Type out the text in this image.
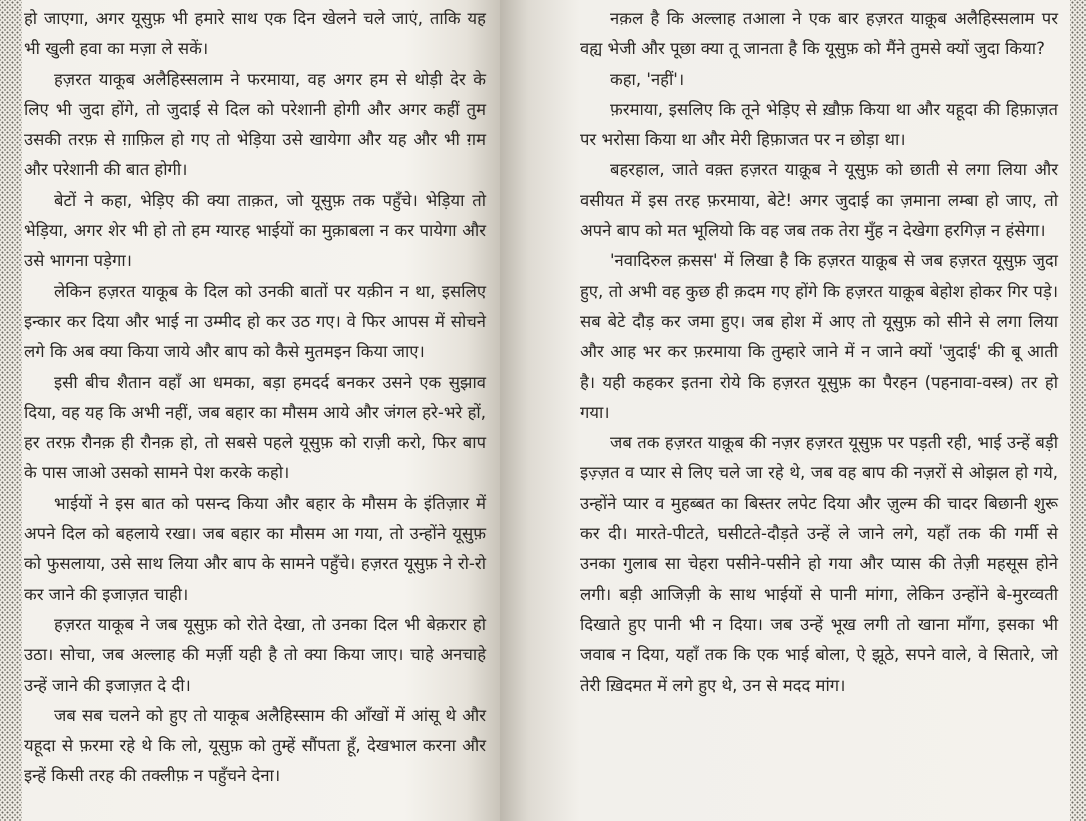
हो जाएगा, अगर यूसुफ़ भी हमारे साथ एक दिन खेलने चले जाएं, ताकि यह भी खुली हवा का मज़ा ले सकें।

हज़रत याकूब अलैहिस्सलाम ने फरमाया, वह अगर हम से थोड़ी देर के लिए भी जुदा होंगे, तो जुदाई से दिल को परेशानी होगी और अगर कहीं तुम उसकी तरफ़ से ग़ाफ़िल हो गए तो भेड़िया उसे खायेगा और यह और भी ग़म और परेशानी की बात होगी।

बेटों ने कहा, भेड़िए की क्या ताक़त, जो यूसुफ़ तक पहुँचे। भेड़िया तो भेड़िया, अगर शेर भी हो तो हम ग्यारह भाईयों का मुक़ाबला न कर पायेगा और उसे भागना पड़ेगा।

लेकिन हज़रत याकूब के दिल को उनकी बातों पर यक़ीन न था, इसलिए इन्कार कर दिया और भाई ना उम्मीद हो कर उठ गए। वे फिर आपस में सोचने लगे कि अब क्या किया जाये और बाप को कैसे मुतमइन किया जाए।

इसी बीच शैतान वहाँ आ धमका, बड़ा हमदर्द बनकर उसने एक सुझाव दिया, वह यह कि अभी नहीं, जब बहार का मौसम आये और जंगल हरे-भरे हों, हर तरफ़ रौनक़ ही रौनक़ हो, तो सबसे पहले यूसुफ़ को राज़ी करो, फिर बाप के पास जाओ उसको सामने पेश करके कहो।

भाईयों ने इस बात को पसन्द किया और बहार के मौसम के इंतिज़ार में अपने दिल को बहलाये रखा। जब बहार का मौसम आ गया, तो उन्होंने यूसुफ़ को फुसलाया, उसे साथ लिया और बाप के सामने पहुँचे। हज़रत यूसुफ़ ने रो-रो कर जाने की इजाज़त चाही।

हज़रत याकूब ने जब यूसुफ़ को रोते देखा, तो उनका दिल भी बेक़रार हो उठा। सोचा, जब अल्लाह की मर्ज़ी यही है तो क्या किया जाए। चाहे अनचाहे उन्हें जाने की इजाज़त दे दी।

जब सब चलने को हुए तो याकूब अलैहिस्साम की आँखों में आंसू थे और यहूदा से फ़रमा रहे थे कि लो, यूसुफ़ को तुम्हें सौंपता हूँ, देखभाल करना और इन्हें किसी तरह की तक्लीफ़ न पहुँचने देना।

नक़ल है कि अल्लाह तआला ने एक बार हज़रत याक़ूब अलैहिस्सलाम पर वह्य भेजी और पूछा क्या तू जानता है कि यूसुफ़ को मैंने तुमसे क्यों जुदा किया?

कहा, 'नहीं'।

फ़रमाया, इसलिए कि तूने भेड़िए से ख़ौफ़ किया था और यहूदा की हिफ़ाज़त पर भरोसा किया था और मेरी हिफ़ाजत पर न छोड़ा था।

बहरहाल, जाते वक़्त हज़रत याक़ूब ने यूसुफ़ को छाती से लगा लिया और वसीयत में इस तरह फ़रमाया, बेटे! अगर जुदाई का ज़माना लम्बा हो जाए, तो अपने बाप को मत भूलियो कि वह जब तक तेरा मुँह न देखेगा हरगिज़ न हंसेगा।

'नवादिरुल क़सस' में लिखा है कि हज़रत याक़ूब से जब हज़रत यूसुफ़ जुदा हुए, तो अभी वह कुछ ही क़दम गए होंगे कि हज़रत याक़ूब बेहोश होकर गिर पड़े। सब बेटे दौड़ कर जमा हुए। जब होश में आए तो यूसुफ़ को सीने से लगा लिया और आह भर कर फ़रमाया कि तुम्हारे जाने में न जाने क्यों 'जुदाई' की बू आती है। यही कहकर इतना रोये कि हज़रत यूसुफ़ का पैरहन (पहनावा-वस्त्र) तर हो गया।

जब तक हज़रत याक़ूब की नज़र हज़रत यूसुफ़ पर पड़ती रही, भाई उन्हें बड़ी इज़्ज़त व प्यार से लिए चले जा रहे थे, जब वह बाप की नज़रों से ओझल हो गये, उन्होंने प्यार व मुहब्बत का बिस्तर लपेट दिया और ज़ुल्म की चादर बिछानी शुरू कर दी। मारते-पीटते, घसीटते-दौड़ते उन्हें ले जाने लगे, यहाँ तक की गर्मी से उनका गुलाब सा चेहरा पसीने-पसीने हो गया और प्यास की तेज़ी महसूस होने लगी। बड़ी आजिज़ी के साथ भाईयों से पानी मांगा, लेकिन उन्होंने बे-मुरव्वती दिखाते हुए पानी भी न दिया। जब उन्हें भूख लगी तो खाना माँगा, इसका भी जवाब न दिया, यहाँ तक कि एक भाई बोला, ऐ झूठे, सपने वाले, वे सितारे, जो तेरी ख़िदमत में लगे हुए थे, उन से मदद मांग।
